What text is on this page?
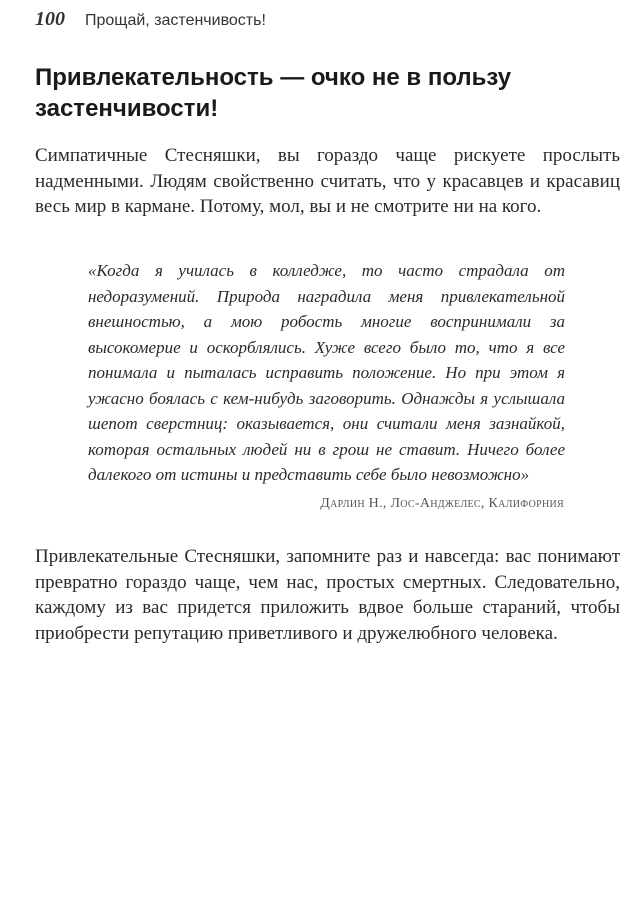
100 Прощай, застенчивость!
Привлекательность — очко не в пользу
застенчивости!

Симпатичные Стесняшки, вы гораздо чаще рискуете прослыть надменными. Людям свойственно считать, что у красавцев и красавиц весь мир в кармане. Потому, мол, вы и не смотрите ни на кого.

«Когда я училась в колледже, то часто страдала от недоразумений. Природа наградила меня привлекательной внешностью, а мою робость многие воспринимали за высокомерие и оскорблялись. Хуже всего было то, что я все понимала и пыталась исправить положение. Но при этом я ужасно боялась с кем-нибудь заговорить. Однажды я услышала шепот сверстниц: оказывается, они считали меня зазнайкой, которая остальных людей ни в грош не ставит. Ничего более далекого от истины и представить себе было невозможно»

Дарлин Н., Лос-Анджелес, Калифорния

Привлекательные Стесняшки, запомните раз и навсегда: вас понимают превратно гораздо чаще, чем нас, простых смертных. Следовательно, каждому из вас придется приложить вдвое больше стараний, чтобы приобрести репутацию приветливого и дружелюбного человека.
